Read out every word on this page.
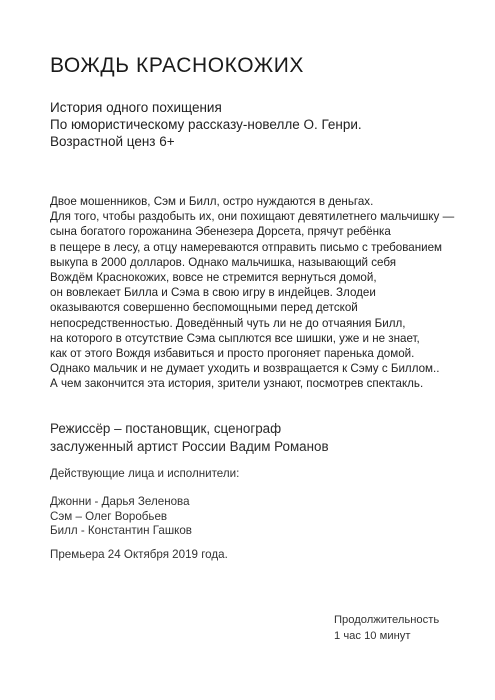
ВОЖДЬ КРАСНОКОЖИХ
История одного похищения
По юмористическому рассказу-новелле О. Генри.
Возрастной ценз 6+
Двое мошенников, Сэм и Билл, остро нуждаются в деньгах.
Для того, чтобы раздобыть их, они похищают девятилетнего мальчишку —
сына богатого горожанина Эбенезера Дорсета, прячут ребёнка
в пещере в лесу, а отцу намереваются отправить письмо с требованием
выкупа в 2000 долларов. Однако мальчишка, называющий себя
Вождём Краснокожих, вовсе не стремится вернуться домой,
он вовлекает Билла и Сэма в свою игру в индейцев. Злодеи
оказываются совершенно беспомощными перед детской
непосредственностью. Доведённый чуть ли не до отчаяния Билл,
на которого в отсутствие Сэма сыплются все шишки, уже и не знает,
как от этого Вождя избавиться и просто прогоняет паренька домой.
Однако мальчик и не думает уходить и возвращается к Сэму с Биллом..
А чем закончится эта история, зрители узнают, посмотрев спектакль.
Режиссёр – постановщик, сценограф
заслуженный артист России Вадим Романов
Действующие лица и исполнители:
Джонни - Дарья Зеленова
Сэм – Олег Воробьев
Билл - Константин Гашков
Премьера 24 Октября 2019 года.
Продолжительность
1 час 10 минут
